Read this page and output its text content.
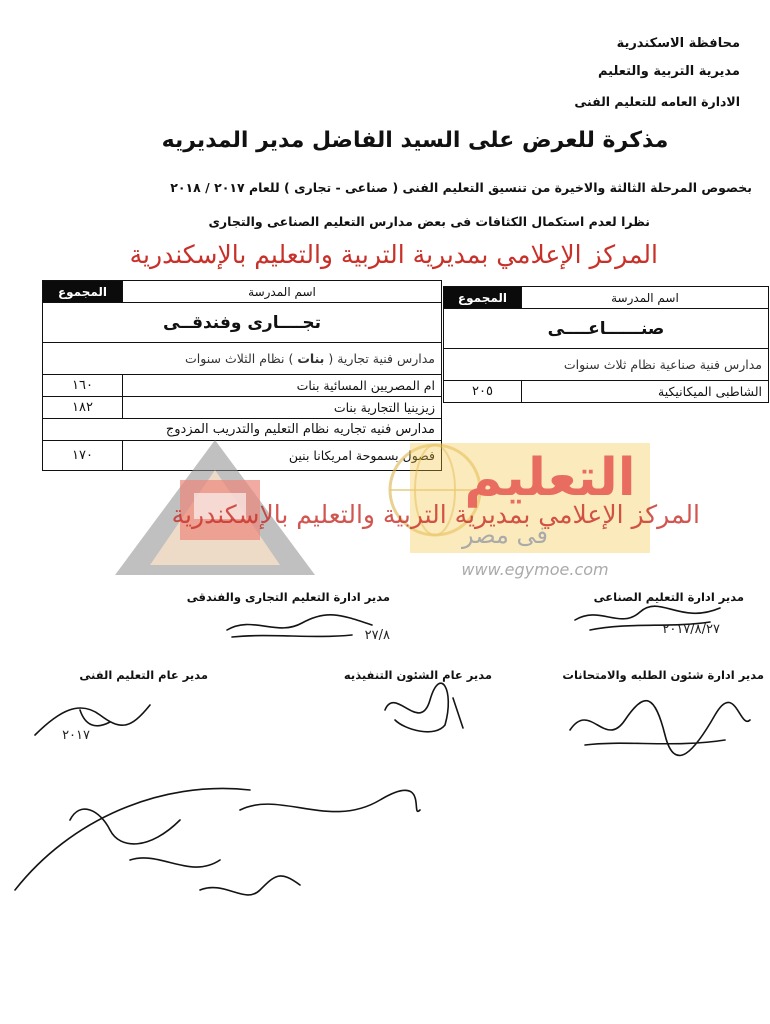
محافظة الاسكندرية
مديرية التربية والتعليم
الادارة العامه للتعليم الفنى
مذكرة للعرض على السيد الفاضل مدير المديريه
بخصوص المرحلة الثالثة والاخيرة من تنسيق التعليم الفنى ( صناعى - تجارى ) للعام ٢٠١٧ / ٢٠١٨
نظرا لعدم استكمال الكثافات فى بعض مدارس التعليم الصناعى والتجارى
المركز الإعلامي بمديرية التربية والتعليم بالإسكندرية
اسم المدرسة	المجموع
تجــــارى وفندقــى	
مدارس فنية تجارية ( بنات ) نظام الثلاث سنوات	
ام المصريين المسائية بنات	١٦٠
زيزينيا التجارية بنات	١٨٢
مدارس فنيه تجاريه نظام التعليم والتدريب المزدوج	
فصول بسموحة امريكانا بنين	١٧٠
اسم المدرسة	المجموع
صنــــــاعــــى	
مدارس فنية صناعية نظام ثلاث سنوات	
الشاطبى الميكانيكية	٢٠٥
التعليم
فى مصر
www.egymoe.com
المركز الإعلامي بمديرية التربية والتعليم بالإسكندرية
مدير ادارة التعليم الصناعى
مدير ادارة التعليم التجارى والفندقى
مدير ادارة شئون الطلبه والامتحانات
مدير عام الشئون التنفيذيه
مدير عام التعليم الفنى
٢٠١٧/٨/٢٧
٢٧/٨
٢٠١٧
